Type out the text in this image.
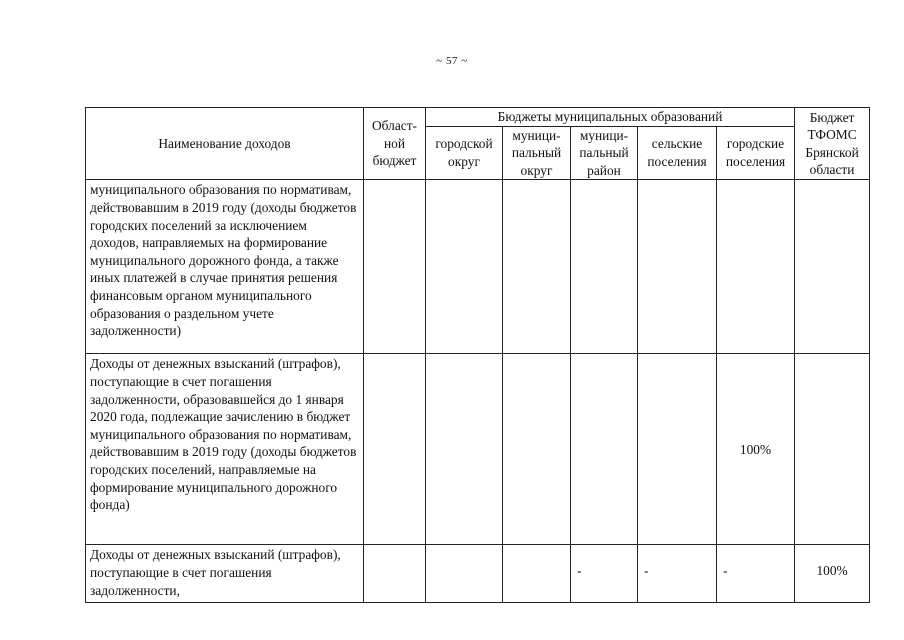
~ 57 ~
Наименование доходов	Област-ной бюджет	Бюджеты муниципальных образований					Бюджет ТФОМС Брянской области
		городской округ	муници-пальный округ	муници-пальный район	сельские поселения	городские поселения	
муниципального образования по нормативам, действовавшим в 2019 году (доходы бюджетов городских поселений за исключением доходов, направляемых на формирование муниципального дорожного фонда, а также иных платежей в случае принятия решения финансовым органом муниципального образования о раздельном учете задолженности)							
Доходы от денежных взысканий (штрафов), поступающие в счет погашения задолженности, образовавшейся до 1 января 2020 года, подлежащие зачислению в бюджет муниципального образования по нормативам, действовавшим в 2019 году (доходы бюджетов городских поселений, направляемые на формирование муниципального дорожного фонда)						100%	
Доходы от денежных взысканий (штрафов), поступающие в счет погашения задолженности,				-	-	-	100%
